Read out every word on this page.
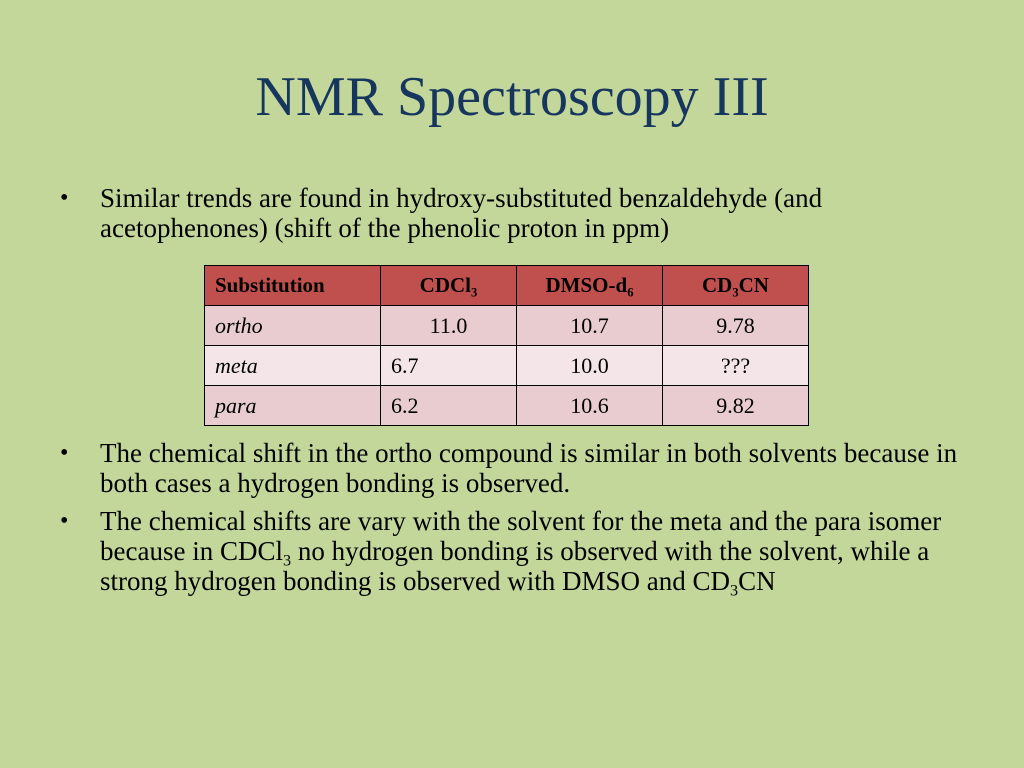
NMR Spectroscopy III
• Similar trends are found in hydroxy-substituted benzaldehyde (and acetophenones) (shift of the phenolic proton in ppm)
Substitution	CDCl$_3$	DMSO-$d_6$	$CD_3CN$
ortho	11.0	10.7	9.78
meta	6.7	10.0	???
para	6.2	10.6	9.82
• The chemical shift in the ortho compound is similar in both solvents because in both cases a hydrogen bonding is observed.
• The chemical shifts are vary with the solvent for the meta and the para isomer because in CDCl$_3$ no hydrogen bonding is observed with the solvent, while a strong hydrogen bonding is observed with DMSO and $CD_3CN$
